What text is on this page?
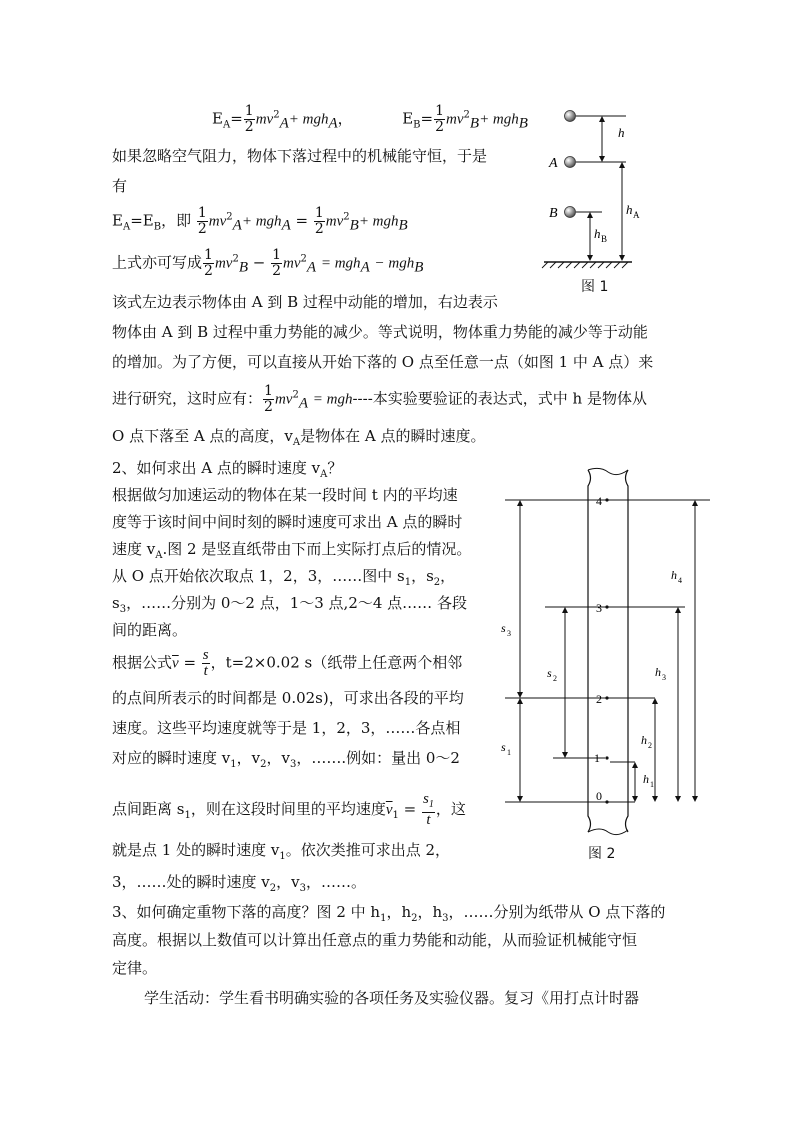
$E_A= \frac{1}{2} mv^2_A+ mgh_A$，	$E_B= \frac{1}{2} mv^2_B+ mgh_B$
如果忽略空气阻力，物体下落过程中的机械能守恒，于是
有
$E_A=E_B$，即 $\frac{1}{2} mv^2_A+ mgh_A = \frac{1}{2} mv^2_B+ mgh_B$
上式亦可写成 $\frac{1}{2} mv^2_B - \frac{1}{2} mv^2_A = mgh_A - mgh_B$
该式左边表示物体由 A 到 B 过程中动能的增加，右边表示
物体由 A 到 B 过程中重力势能的减少。等式说明，物体重力势能的减少等于动能
的增加。为了方便，可以直接从开始下落的 O 点至任意一点（如图 1 中 A 点）来
进行研究，这时应有： $\frac{1}{2} mv^2_A = mgh----$本实验要验证的表达式，式中 h 是物体从
O 点下落至 A 点的高度，$v_A$是物体在 A 点的瞬时速度。
2、如何求出 A 点的瞬时速度 $v_A$？
根据做匀加速运动的物体在某一段时间 t 内的平均速
度等于该时间中间时刻的瞬时速度可求出 A 点的瞬时
速度 $v_A$.图 2 是竖直纸带由下而上实际打点后的情况。
从 O 点开始依次取点 1，2，3，……图中 $s_1$，$s_2$，
$s_3$，……分别为 0～2 点，1～3 点,2～4 点…… 各段
间的距离。
根据公式$\overline{v} = \frac{s}{t}$ ，t=2×0.02 s（纸带上任意两个相邻
的点间所表示的时间都是 0.02s)，可求出各段的平均
速度。这些平均速度就等于是 1，2，3，……各点相
对应的瞬时速度 $v_1$，$v_2$，$v_3$，…….例如：量出 0～2
点间距离 $s_1$，则在这段时间里的平均速度$\overline{v}_1 = \frac{s_1}{t}$ ，这
就是点 1 处的瞬时速度 $v_1$。依次类推可求出点 2，
3，……处的瞬时速度 $v_2$，$v_3$，……。
3、如何确定重物下落的高度？图 2 中 $h_1$，$h_2$，$h_3$，……分别为纸带从 O 点下落的
高度。根据以上数值可以计算出任意点的重力势能和动能，从而验证机械能守恒
定律。
学生活动：学生看书明确实验的各项任务及实验仪器。复习《用打点计时器
A
B
h
h A
h B
图 1
4
3
2
1
0
s 3
s 2
s 1
h 4
h 3
h 2
h 1
图 2
